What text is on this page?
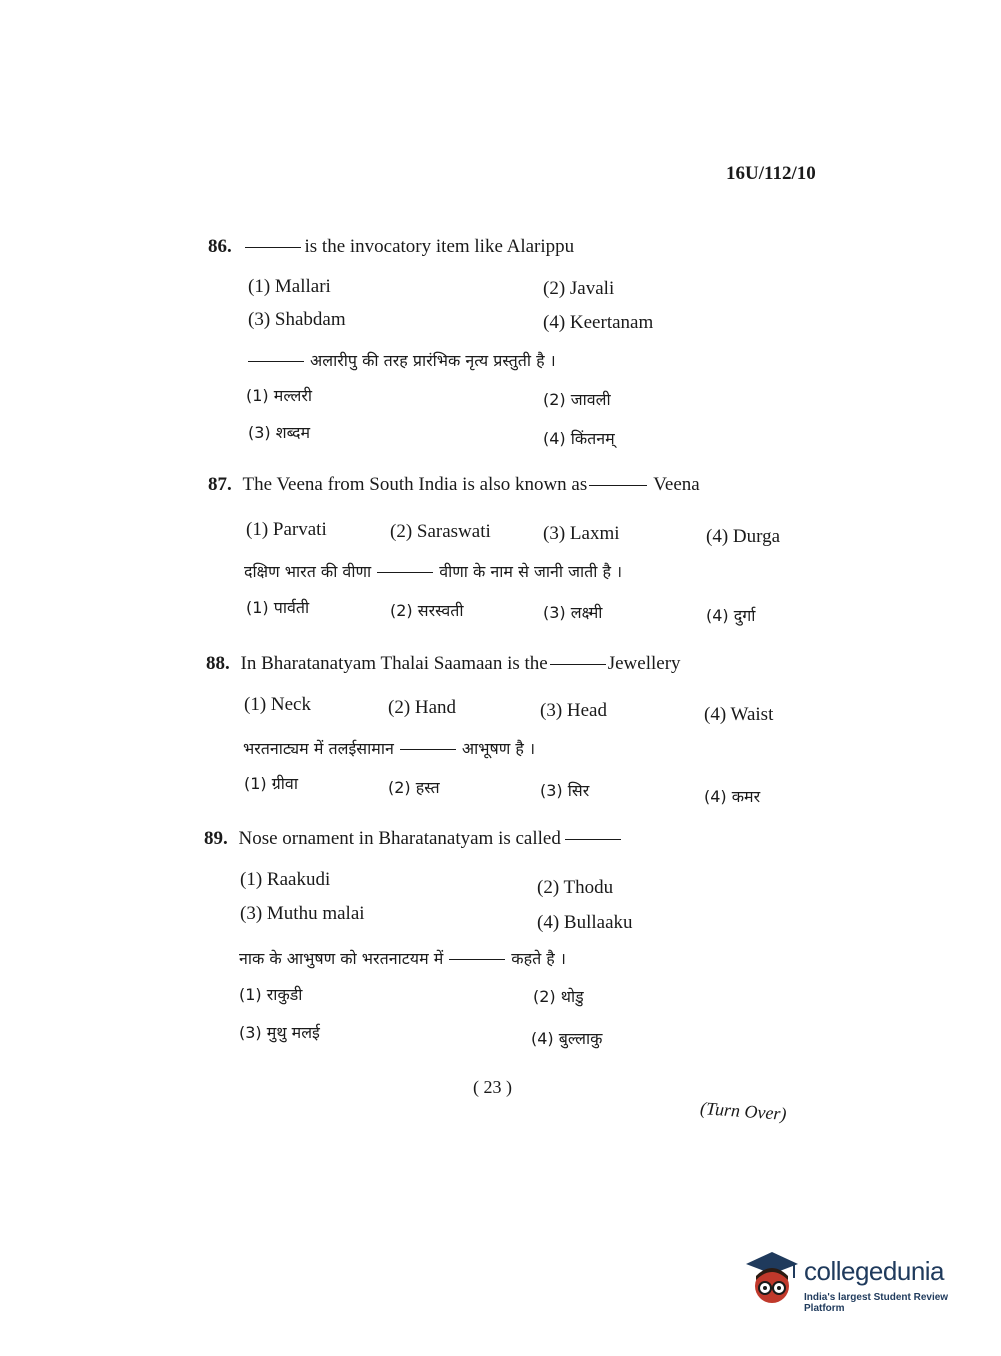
16U/112/10
86.	is the invocatory item like Alarippu
(1) Mallari	(2) Javali
(3) Shabdam	(4) Keertanam
अलारीपु की तरह प्रारंभिक नृत्य प्रस्तुती है ।
(1) मल्लरी	(2) जावली
(3) शब्दम	(4) किंतनम्
87. The Veena from South India is also known as	Veena
(1) Parvati	(2) Saraswati	(3) Laxmi	(4) Durga
दक्षिण भारत की वीणा	वीणा के नाम से जानी जाती है ।
(1) पार्वती	(2) सरस्वती	(3) लक्ष्मी	(4) दुर्गा
88. In Bharatanatyam Thalai Saamaan is the	Jewellery
(1) Neck	(2) Hand	(3) Head	(4) Waist
भरतनाट्यम में तलईसामान	आभूषण है ।
(1) ग्रीवा	(2) हस्त	(3) सिर	(4) कमर
89. Nose ornament in Bharatanatyam is called
(1) Raakudi	(2) Thodu
(3) Muthu malai	(4) Bullaaku
नाक के आभुषण को भरतनाटयम में	कहते है ।
(1) राकुडी	(2) थोडु
(3) मुथु मलई	(4) बुल्लाकु
( 23 )
(Turn Over)
collegedunia
India's largest Student Review Platform
